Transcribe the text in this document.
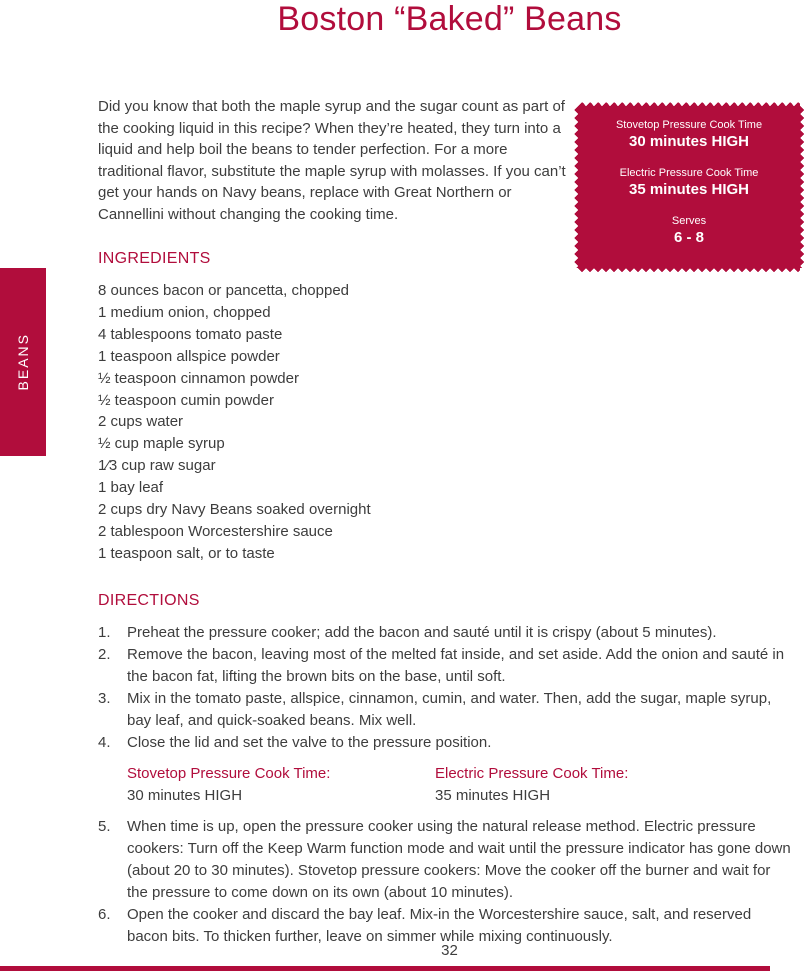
Boston “Baked” Beans
BEANS

Did you know that both the maple syrup and the sugar count as part of the cooking liquid in this recipe? When they’re heated, they turn into a liquid and help boil the beans to tender perfection. For a more traditional flavor, substitute the maple syrup with molasses. If you can’t get your hands on Navy beans, replace with Great Northern or Cannellini without changing the cooking time.

Stovetop Pressure Cook Time
30 minutes HIGH
Electric Pressure Cook Time
35 minutes HIGH
Serves
6 - 8
INGREDIENTS
8 ounces bacon or pancetta, chopped
1 medium onion, chopped
4 tablespoons tomato paste
1 teaspoon allspice powder
½ teaspoon cinnamon powder
½ teaspoon cumin powder
2 cups water
½ cup maple syrup
1⁄3 cup raw sugar
1 bay leaf
2 cups dry Navy Beans soaked overnight
2 tablespoon Worcestershire sauce
1 teaspoon salt, or to taste
DIRECTIONS
1.	Preheat the pressure cooker; add the bacon and sauté until it is crispy (about 5 minutes).
2.	Remove the bacon, leaving most of the melted fat inside, and set aside. Add the onion and sauté in the bacon fat, lifting the brown bits on the base, until soft.
3.	Mix in the tomato paste, allspice, cinnamon, cumin, and water. Then, add the sugar, maple syrup, bay leaf, and quick-soaked beans. Mix well.
4.	Close the lid and set the valve to the pressure position.
Stovetop Pressure Cook Time:
30 minutes HIGH
Electric Pressure Cook Time:
35 minutes HIGH
5.	When time is up, open the pressure cooker using the natural release method. Electric pressure cookers: Turn off the Keep Warm function mode and wait until the pressure indicator has gone down (about 20 to 30 minutes). Stovetop pressure cookers: Move the cooker off the burner and wait for the pressure to come down on its own (about 10 minutes).
6.	Open the cooker and discard the bay leaf. Mix-in the Worcestershire sauce, salt, and reserved bacon bits. To thicken further, leave on simmer while mixing continuously.
32
